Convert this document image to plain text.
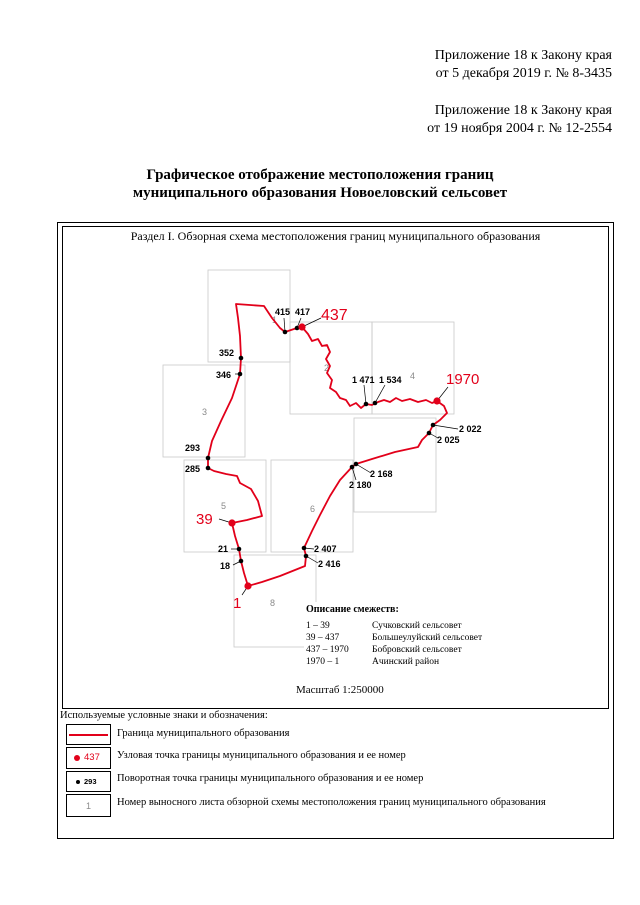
Приложение 18 к Закону края
от 5 декабря 2019 г. № 8-3435
Приложение 18 к Закону края
от 19 ноября 2004 г. № 12-2554
Графическое отображение местоположения границ
муниципального образования Новоеловский сельсовет
Раздел I. Обзорная схема местоположения границ муниципального образования
1
2
3
4
5	6
8
18
21
285
293
346
352
415 417
1 471 1 534
2 022
2 025
2 168
2 180
2 407
2 416
1
39
437
1970
Описание смежеств:
1 – 39	Сучковский сельсовет
39 – 437	Большеулуйский сельсовет
437 – 1970	Бобровский сельсовет
1970 – 1	Ачинский район
Масштаб 1:250000
Используемые условные знаки и обозначения:
Граница муниципального образования
437 Узловая точка границы муниципального образования и ее номер
293 Поворотная точка границы муниципального образования и ее номер
1	Номер выносного листа обзорной схемы местоположения границ муниципального образования
